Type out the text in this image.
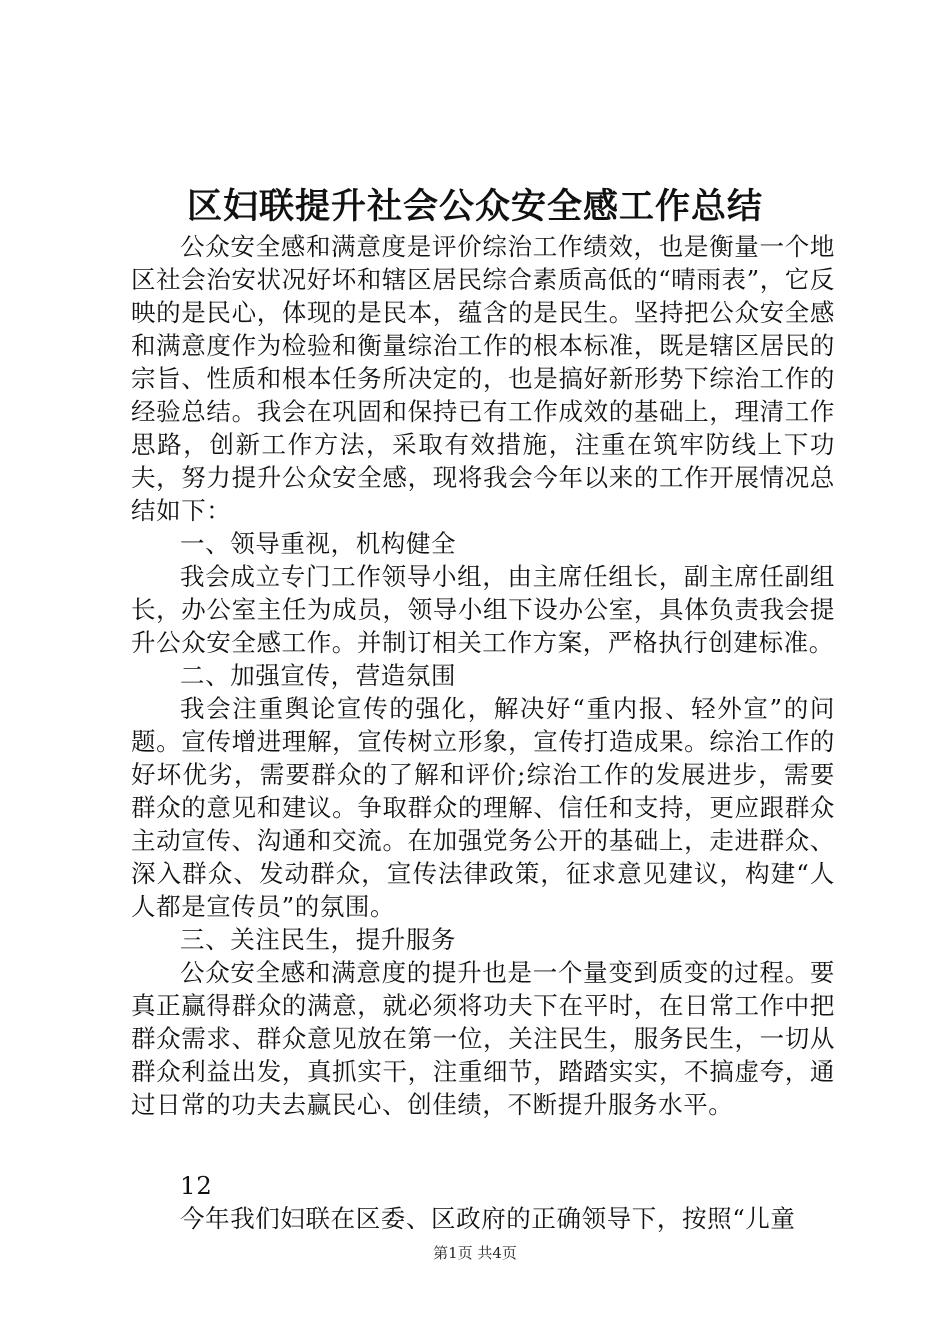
区妇联提升社会公众安全感工作总结

公众安全感和满意度是评价综治工作绩效，也是衡量一个地区社会治安状况好坏和辖区居民综合素质高低的“晴雨表”，它反映的是民心，体现的是民本，蕴含的是民生。坚持把公众安全感和满意度作为检验和衡量综治工作的根本标准，既是辖区居民的宗旨、性质和根本任务所决定的，也是搞好新形势下综治工作的经验总结。我会在巩固和保持已有工作成效的基础上，理清工作思路，创新工作方法，采取有效措施，注重在筑牢防线上下功夫，努力提升公众安全感，现将我会今年以来的工作开展情况总结如下：

一、领导重视，机构健全

我会成立专门工作领导小组，由主席任组长，副主席任副组长，办公室主任为成员，领导小组下设办公室，具体负责我会提升公众安全感工作。并制订相关工作方案，严格执行创建标准。

二、加强宣传，营造氛围

我会注重舆论宣传的强化，解决好“重内报、轻外宣”的问题。宣传增进理解，宣传树立形象，宣传打造成果。综治工作的好坏优劣，需要群众的了解和评价;综治工作的发展进步，需要群众的意见和建议。争取群众的理解、信任和支持，更应跟群众主动宣传、沟通和交流。在加强党务公开的基础上，走进群众、深入群众、发动群众，宣传法律政策，征求意见建议，构建“人人都是宣传员”的氛围。

三、关注民生，提升服务

公众安全感和满意度的提升也是一个量变到质变的过程。要真正赢得群众的满意，就必须将功夫下在平时，在日常工作中把群众需求、群众意见放在第一位，关注民生，服务民生，一切从群众利益出发，真抓实干，注重细节，踏踏实实，不搞虚夸，通过日常的功夫去赢民心、创佳绩，不断提升服务水平。

12

今年我们妇联在区委、区政府的正确领导下，按照“儿童

第1页 共4页
